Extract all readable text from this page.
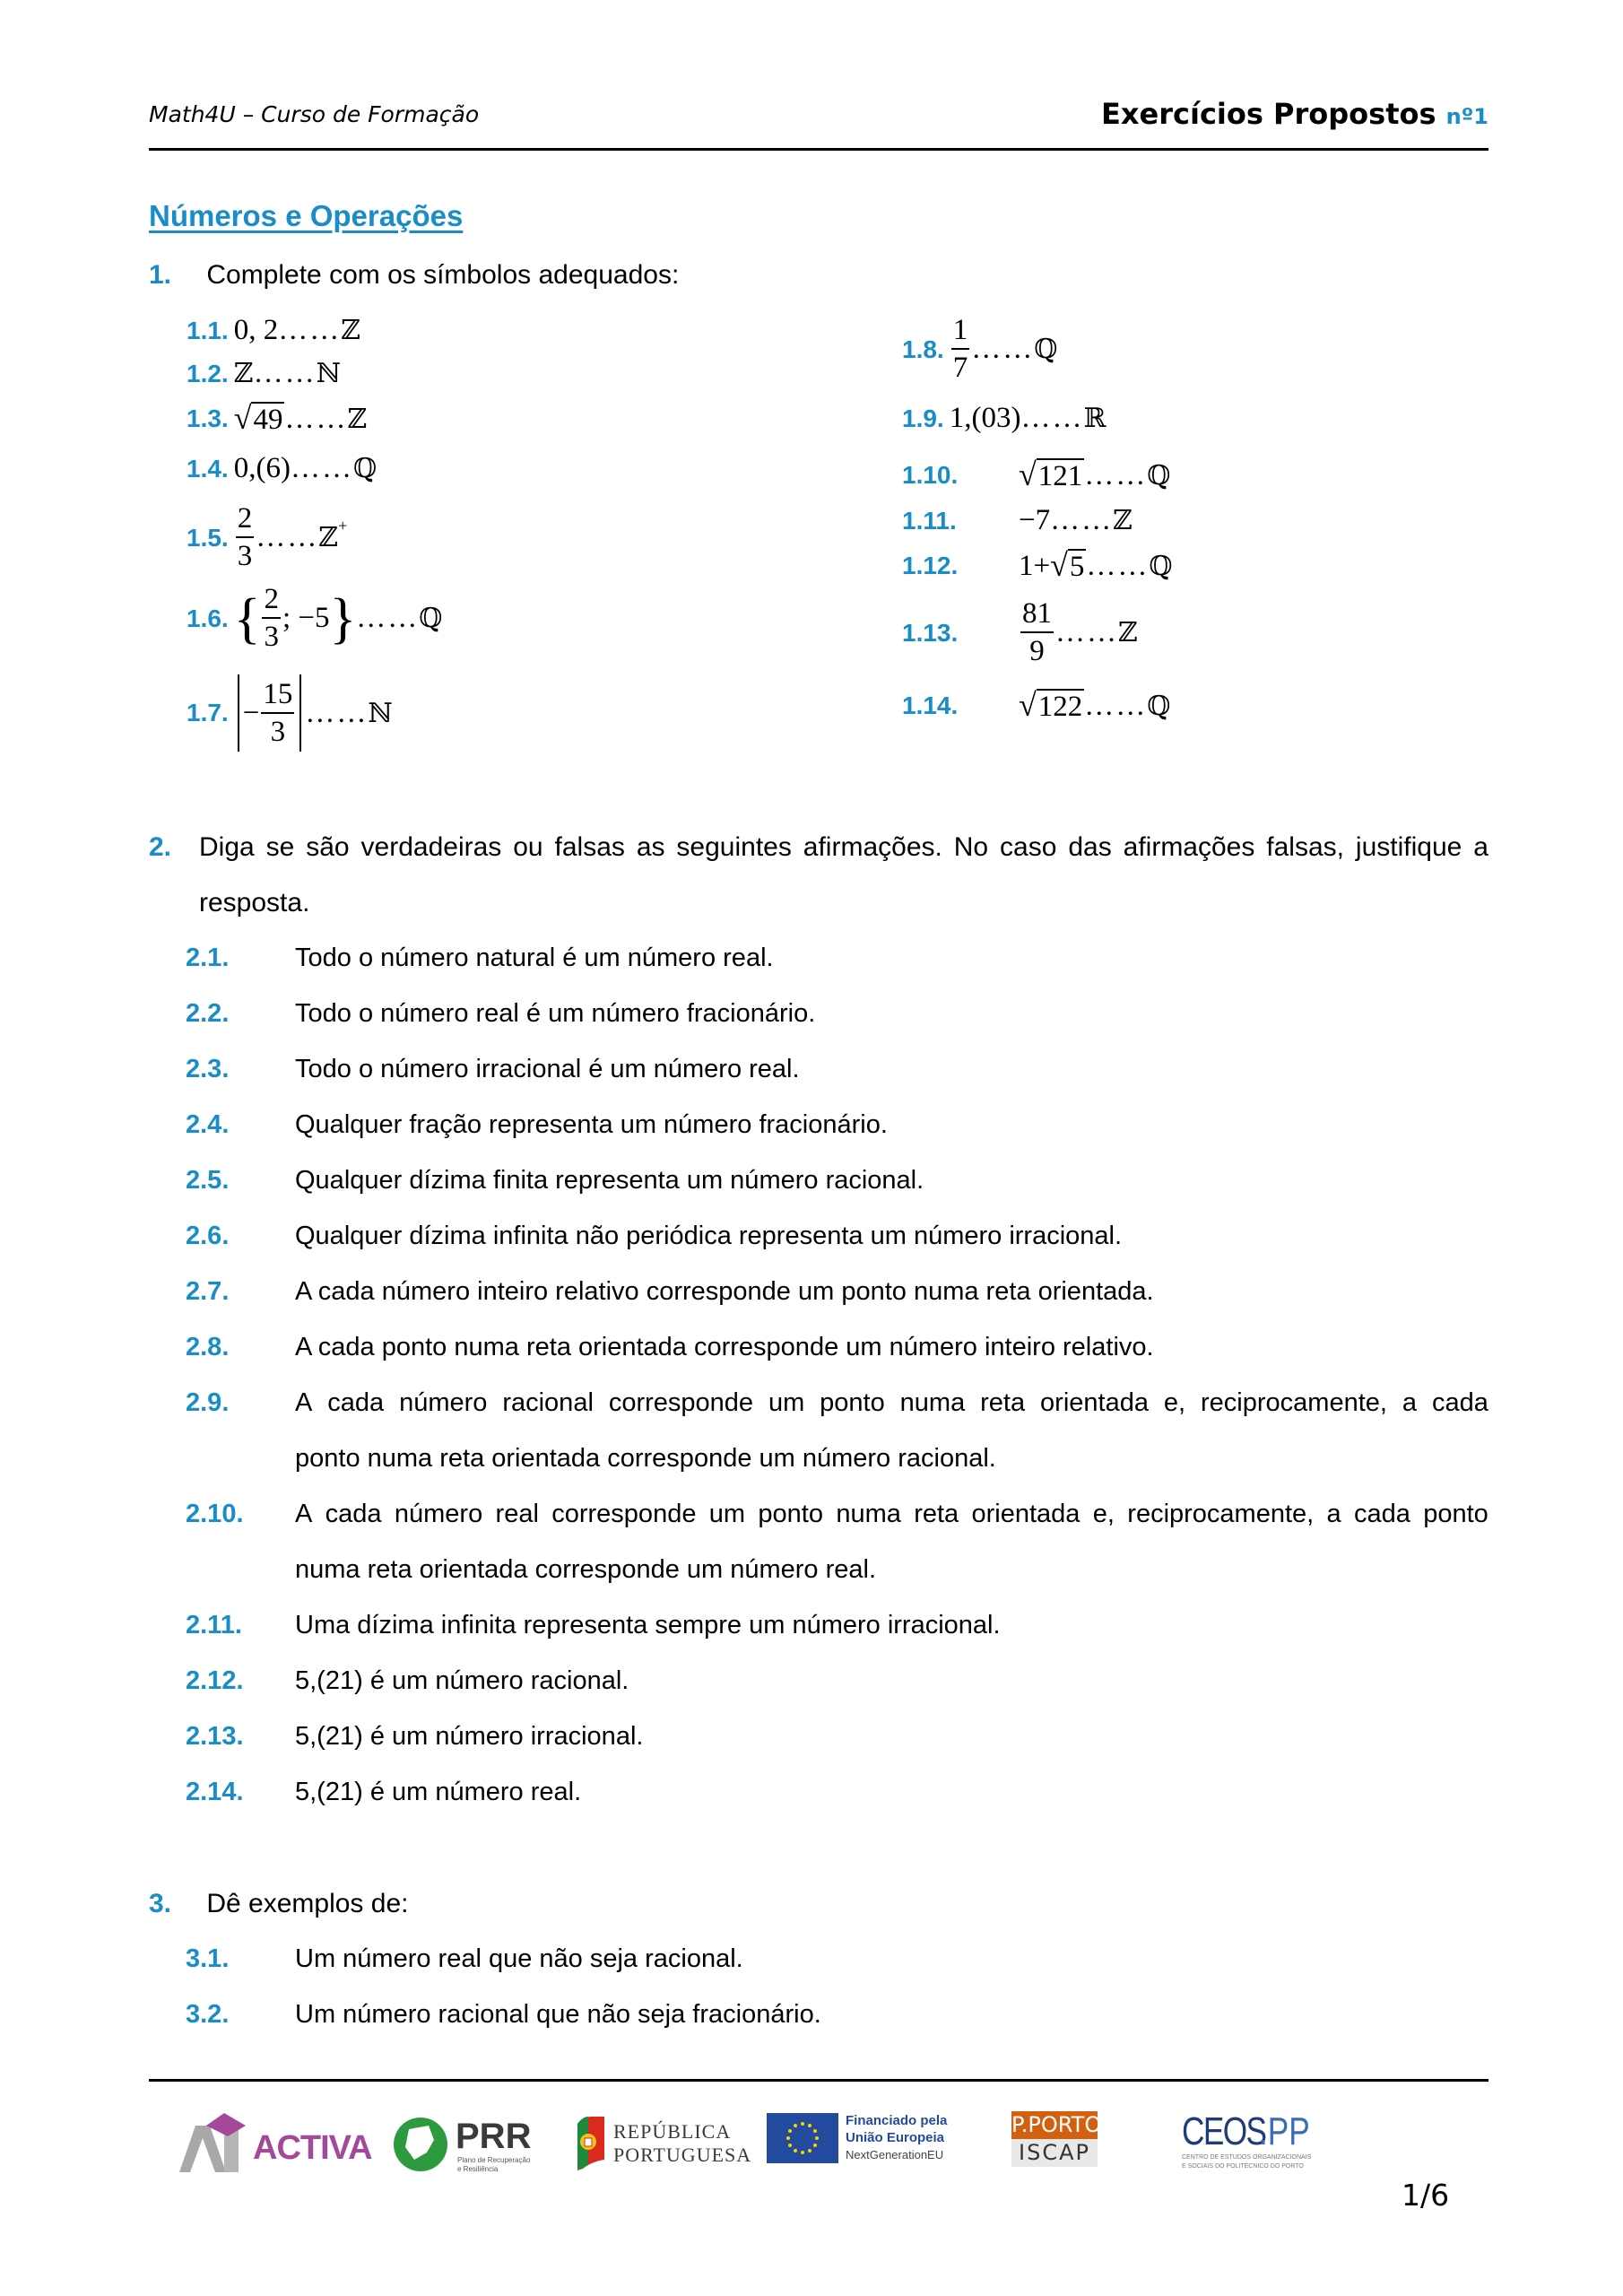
Math4U – Curso de Formação	Exercícios Propostos nº1
Números e Operações
1. Complete com os símbolos adequados:
1.1. 0, 2 …… ℤ
1.2. ℤ …… ℕ
1.3. √ 49 …… ℤ
1.4. 0,(6) …… ℚ
1.5. $\frac{2}{3}$ …… ℤ+
1.6. { $\frac{2}{3}$ ; −5 } …… ℚ
1.7. − $\frac{15}{3}$ …… ℕ
1.8. $\frac{1}{7}$ …… ℚ
1.9. 1,(03) …… ℝ
1.10.	√ 121 …… ℚ
1.11.	−7 …… ℤ
1.12.	1+ √ 5 …… ℚ
1.13.	$\frac{81}{9}$ …… ℤ
1.14.	√ 122 …… ℚ
2.	Diga se são verdadeiras ou falsas as seguintes afirmações. No caso das afirmações falsas, justifique a
resposta.
2.1.	Todo o número natural é um número real.
2.2.	Todo o número real é um número fracionário.
2.3.	Todo o número irracional é um número real.
2.4.	Qualquer fração representa um número fracionário.
2.5.	Qualquer dízima finita representa um número racional.
2.6.	Qualquer dízima infinita não periódica representa um número irracional.
2.7.	A cada número inteiro relativo corresponde um ponto numa reta orientada.
2.8.	A cada ponto numa reta orientada corresponde um número inteiro relativo.
2.9.	A cada número racional corresponde um ponto numa reta orientada e, reciprocamente, a cada
ponto numa reta orientada corresponde um número racional.
2.10.	A cada número real corresponde um ponto numa reta orientada e, reciprocamente, a cada ponto
numa reta orientada corresponde um número real.
2.11. Uma dízima infinita representa sempre um número irracional.
2.12. 5,(21) é um número racional.
2.13. 5,(21) é um número irracional.
2.14. 5,(21) é um número real.
3. Dê exemplos de:
3.1.	Um número real que não seja racional.
3.2.	Um número racional que não seja fracionário.
ACTIVA PRR
Plano de Recuperação
e Resiliência
REPÚBLICA
PORTUGUESA
Financiado pela
União Europeia
NextGenerationEU
P.PORTO
ISCAP CEOS
.PP
CENTRO DE ESTUDOS ORGANIZACIONAIS
E SOCIAIS DO POLITÉCNICO DO PORTO
1/6
